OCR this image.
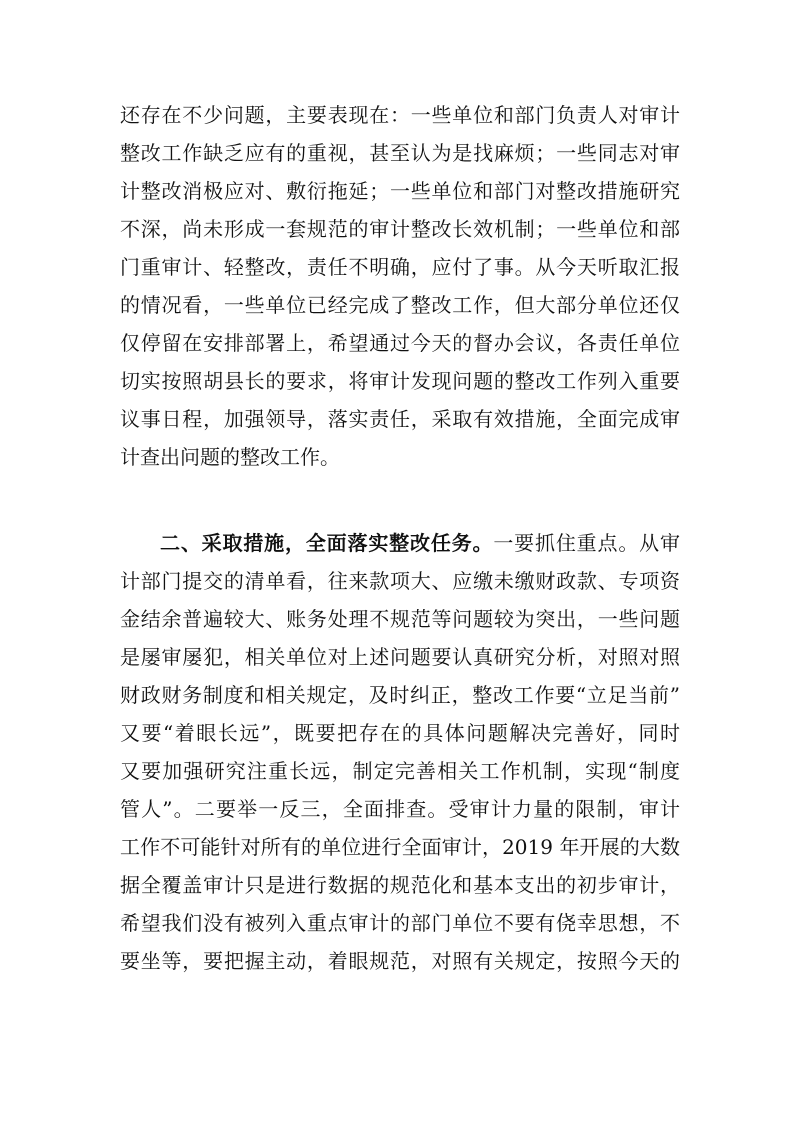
还存在不少问题，主要表现在：一些单位和部门负责人对审计
整改工作缺乏应有的重视，甚至认为是找麻烦；一些同志对审
计整改消极应对、敷衍拖延；一些单位和部门对整改措施研究
不深，尚未形成一套规范的审计整改长效机制；一些单位和部
门重审计、轻整改，责任不明确，应付了事。从今天听取汇报
的情况看，一些单位已经完成了整改工作，但大部分单位还仅
仅停留在安排部署上，希望通过今天的督办会议，各责任单位
切实按照胡县长的要求，将审计发现问题的整改工作列入重要
议事日程，加强领导，落实责任，采取有效措施，全面完成审
计查出问题的整改工作。
二、采取措施，全面落实整改任务。一要抓住重点。从审
计部门提交的清单看，往来款项大、应缴未缴财政款、专项资
金结余普遍较大、账务处理不规范等问题较为突出，一些问题
是屡审屡犯，相关单位对上述问题要认真研究分析，对照对照
财政财务制度和相关规定，及时纠正，整改工作要“立足当前”
又要“着眼长远”，既要把存在的具体问题解决完善好，同时
又要加强研究注重长远，制定完善相关工作机制，实现“制度
管人”。二要举一反三，全面排查。受审计力量的限制，审计
工作不可能针对所有的单位进行全面审计，2019 年开展的大数
据全覆盖审计只是进行数据的规范化和基本支出的初步审计，
希望我们没有被列入重点审计的部门单位不要有侥幸思想，不
要坐等，要把握主动，着眼规范，对照有关规定，按照今天的
